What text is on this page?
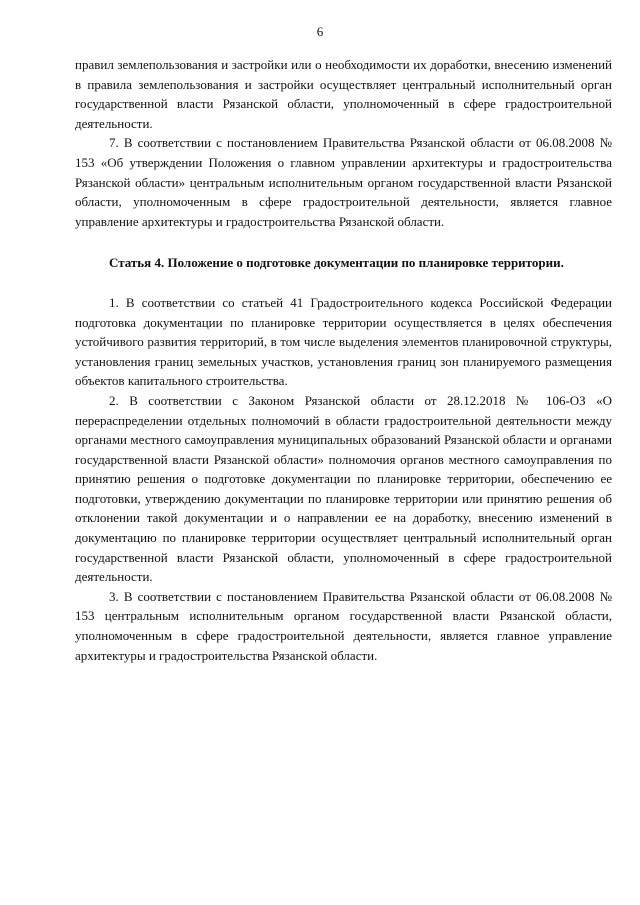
6

правил землепользования и застройки или о необходимости их доработки, внесению изменений в правила землепользования и застройки осуществляет центральный исполнительный орган государственной власти Рязанской области, уполномоченный в сфере градостроительной деятельности.

7. В соответствии с постановлением Правительства Рязанской области от 06.08.2008 № 153 «Об утверждении Положения о главном управлении архитектуры и градостроительства Рязанской области» центральным исполнительным органом государственной власти Рязанской области, уполномоченным в сфере градостроительной деятельности, является главное управление архитектуры и градостроительства Рязанской области.

Статья 4. Положение о подготовке документации по планировке территории.

1. В соответствии со статьей 41 Градостроительного кодекса Российской Федерации подготовка документации по планировке территории осуществляется в целях обеспечения устойчивого развития территорий, в том числе выделения элементов планировочной структуры, установления границ земельных участков, установления границ зон планируемого размещения объектов капитального строительства.

2. В соответствии с Законом Рязанской области от 28.12.2018 № 106-ОЗ «О перераспределении отдельных полномочий в области градостроительной деятельности между органами местного самоуправления муниципальных образований Рязанской области и органами государственной власти Рязанской области» полномочия органов местного самоуправления по принятию решения о подготовке документации по планировке территории, обеспечению ее подготовки, утверждению документации по планировке территории или принятию решения об отклонении такой документации и о направлении ее на доработку, внесению изменений в документацию по планировке территории осуществляет центральный исполнительный орган государственной власти Рязанской области, уполномоченный в сфере градостроительной деятельности.

3. В соответствии с постановлением Правительства Рязанской области от 06.08.2008 № 153 центральным исполнительным органом государственной власти Рязанской области, уполномоченным в сфере градостроительной деятельности, является главное управление архитектуры и градостроительства Рязанской области.
